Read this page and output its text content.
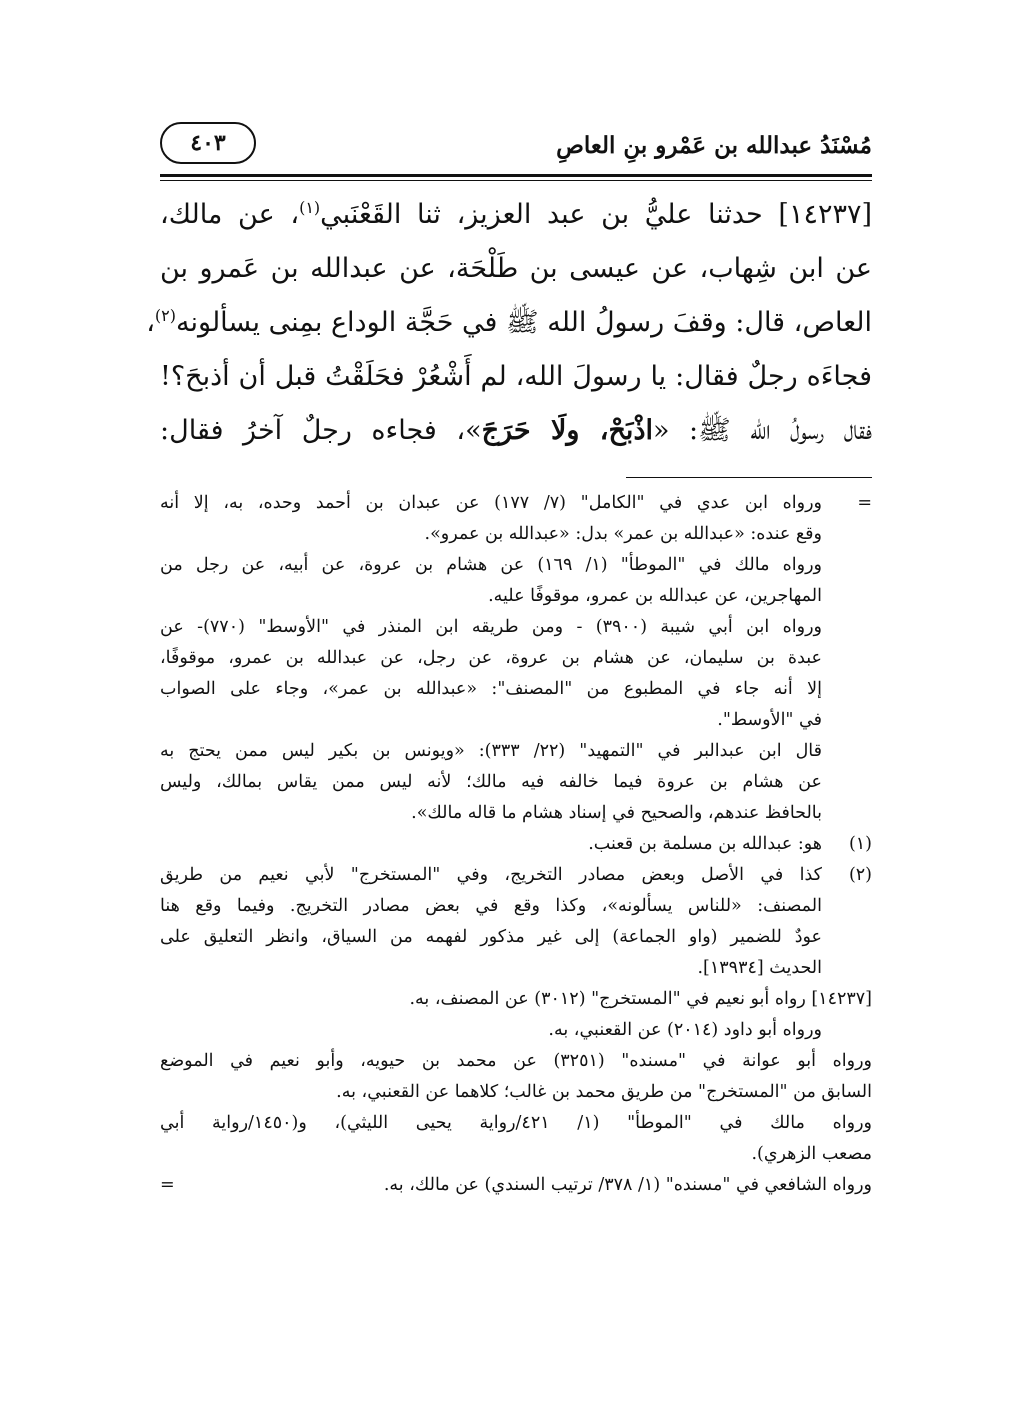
مُسْنَدُ عبدالله بن عَمْرو بنِ العاصِ
٤٠٣

[١٤٢٣٧] حدثنا عليُّ بن عبد العزيز، ثنا القَعْنَبي$^{(١)}$، عن مالك،

عن ابن شِهاب، عن عيسى بن طَلْحَة، عن عبدالله بن عَمرو بن

العاص، قال: وقفَ رسولُ الله ﷺ في حَجَّة الوداع بمِنى يسألونه$^{(٢)}$،

فجاءَه رجلٌ فقال: يا رسولَ الله، لم أَشْعُرْ فحَلَقْتُ قبل أن أذبحَ؟!

فقال رسولُ الله ﷺ: «اذْبَحْ، ولَا حَرَجَ»، فجاءه رجلٌ آخرُ فقال:

=
ورواه ابن عدي في "الكامل" (٧/ ١٧٧) عن عبدان بن أحمد وحده، به، إلا أنه
وقع عنده: «عبدالله بن عمر» بدل: «عبدالله بن عمرو».
ورواه مالك في "الموطأ" (١/ ١٦٩) عن هشام بن عروة، عن أبيه، عن رجل من
المهاجرين، عن عبدالله بن عمرو، موقوفًا عليه.
ورواه ابن أبي شيبة (٣٩٠٠) - ومن طريقه ابن المنذر في "الأوسط" (٧٧٠)- عن
عبدة بن سليمان، عن هشام بن عروة، عن رجل، عن عبدالله بن عمرو، موقوفًا،
إلا أنه جاء في المطبوع من "المصنف": «عبدالله بن عمر»، وجاء على الصواب
في "الأوسط".
قال ابن عبدالبر في "التمهيد" (٢٢/ ٣٣٣): «ويونس بن بكير ليس ممن يحتج به
عن هشام بن عروة فيما خالفه فيه مالك؛ لأنه ليس ممن يقاس بمالك، وليس
بالحافظ عندهم، والصحيح في إسناد هشام ما قاله مالك».
(١)
هو: عبدالله بن مسلمة بن قعنب.
(٢)
كذا في الأصل وبعض مصادر التخريج، وفي "المستخرج" لأبي نعيم من طريق
المصنف: «للناس يسألونه»، وكذا وقع في بعض مصادر التخريج. وفيما وقع هنا
عودٌ للضمير (واو الجماعة) إلى غير مذكور لفهمه من السياق، وانظر التعليق على
الحديث [١٣٩٣٤].
[١٤٢٣٧] رواه أبو نعيم في "المستخرج" (٣٠١٢) عن المصنف، به.
ورواه أبو داود (٢٠١٤) عن القعنبي، به.
ورواه أبو عوانة في "مسنده" (٣٢٥١) عن محمد بن حيويه، وأبو نعيم في الموضع
السابق من "المستخرج" من طريق محمد بن غالب؛ كلاهما عن القعنبي، به.
ورواه مالك في "الموطأ" (١/ ٤٢١/رواية يحيى الليثي)، و(١٤٥٠/رواية أبي
مصعب الزهري).
ورواه الشافعي في "مسنده" (١/ ٣٧٨/ ترتيب السندي) عن مالك، به.
=
